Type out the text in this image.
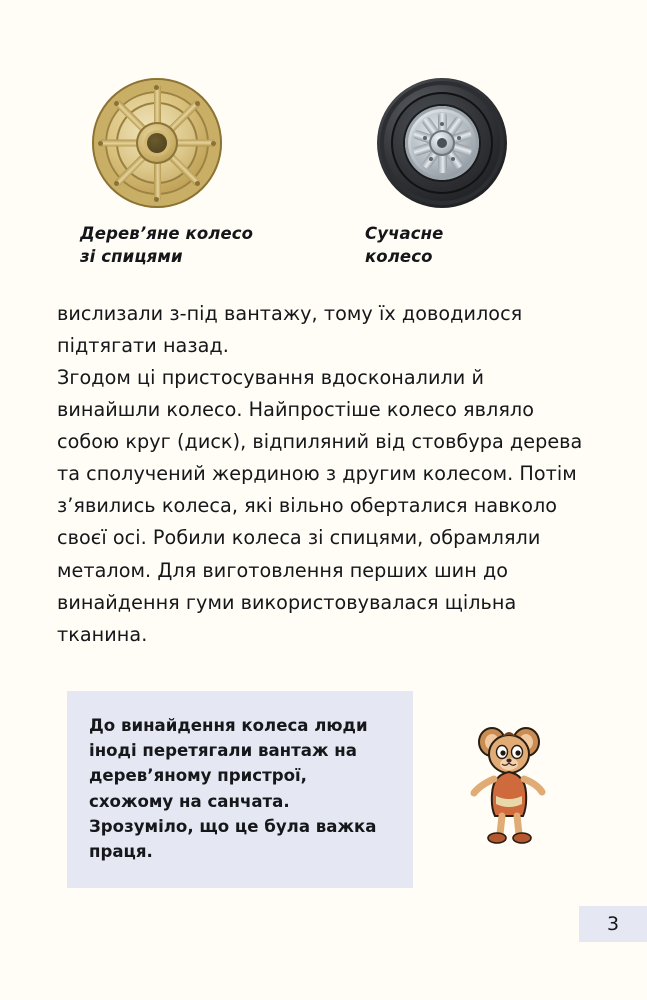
Дерев’яне колесо
зі спицями
Сучасне
колесо

вислизали з-під вантажу, тому їх доводилося підтягати назад.

Згодом ці пристосування вдосконалили й винайшли колесо. Найпростіше колесо являло собою круг (диск), відпиляний від стовбура дерева та сполучений жердиною з другим колесом. Потім з’явились колеса, які вільно оберталися навколо своєї осі. Робили колеса зі спицями, обрамляли металом. Для виготовлення перших шин до винайдення гуми використовувалася щільна тканина.

До винайдення колеса люди іноді перетягали вантаж на дерев’яному пристрої, схожому на санчата.

Зрозуміло, що це була важка праця.

3
